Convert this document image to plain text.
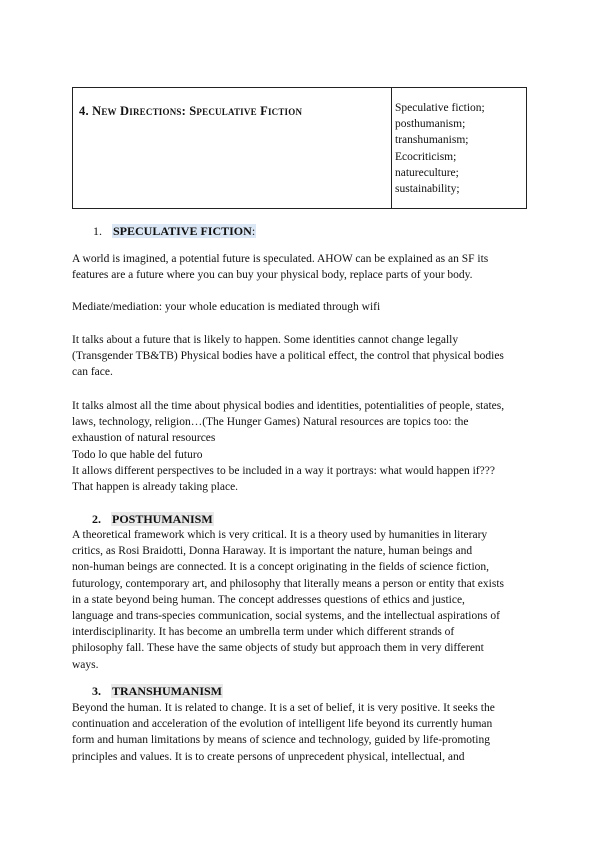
4. New Directions: Speculative Fiction	Speculative fiction;
posthumanism;
transhumanism;
Ecocriticism;
natureculture;
sustainability;
1. SPECULATIVE FICTION:
A world is imagined, a potential future is speculated. AHOW can be explained as an SF its
features are a future where you can buy your physical body, replace parts of your body.
Mediate/mediation: your whole education is mediated through wifi
It talks about a future that is likely to happen. Some identities cannot change legally
(Transgender TB&TB) Physical bodies have a political effect, the control that physical bodies
can face.
It talks almost all the time about physical bodies and identities, potentialities of people, states,
laws, technology, religion…(The Hunger Games) Natural resources are topics too: the
exhaustion of natural resources
Todo lo que hable del futuro
It allows different perspectives to be included in a way it portrays: what would happen if???
That happen is already taking place.
2. POSTHUMANISM
A theoretical framework which is very critical. It is a theory used by humanities in literary
critics, as Rosi Braidotti, Donna Haraway. It is important the nature, human beings and
non-human beings are connected. It is a concept originating in the fields of science fiction,
futurology, contemporary art, and philosophy that literally means a person or entity that exists
in a state beyond being human. The concept addresses questions of ethics and justice,
language and trans-species communication, social systems, and the intellectual aspirations of
interdisciplinarity. It has become an umbrella term under which different strands of
philosophy fall. These have the same objects of study but approach them in very different
ways.
3. TRANSHUMANISM
Beyond the human. It is related to change. It is a set of belief, it is very positive. It seeks the
continuation and acceleration of the evolution of intelligent life beyond its currently human
form and human limitations by means of science and technology, guided by life-promoting
principles and values. It is to create persons of unprecedent physical, intellectual, and
